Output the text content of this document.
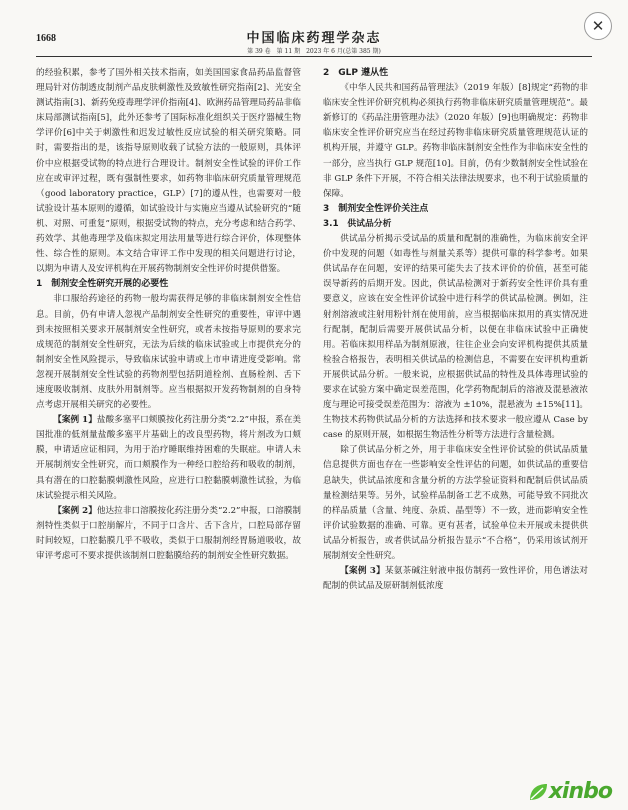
1668	中国临床药理学杂志
第 39 卷　第 11 期　2023 年 6 月(总第 385 期)

的经验积累，参考了国外相关技术指南，如美国国家食品药品监督管理局针对仿制透皮制剂产品皮肤刺激性及致敏性研究指南[2]、光安全测试指南[3]、新药免疫毒理学评价指南[4]、欧洲药品管理局药品非临床局部测试指南[5]，此外还参考了国际标准化组织关于医疗器械生物学评价[6]中关于刺激性和迟发过敏性反应试验的相关研究策略。同时，需要指出的是，该指导原则收载了试验方法的一般原则，具体评价中应根据受试物的特点进行合理设计。制剂安全性试验的评价工作应在或审评过程，既有强制性要求，如药物非临床研究质量管理规范（good laboratory practice，GLP）[7]的遵从性，也需要对一般试验设计基本原则的遵循，如试验设计与实施应当遵从试验研究的“随机、对照、可重复”原则，根据受试物的特点，充分考虑和结合药学、药效学、其他毒理学及临床拟定用法用量等进行综合评价，体现整体性、综合性的原则。本文结合审评工作中发现的相关问题进行讨论，以期为申请人及安评机构在开展药物制剂安全性评价时提供借鉴。

1　制剂安全性研究开展的必要性

非口服给药途径的药物一般均需获得足够的非临床制剂安全性信息。目前，仍有申请人忽视产品制剂安全性研究的重要性，审评中遇到未按照相关要求开展制剂安全性研究，或者未按指导原则的要求完成规范的制剂安全性研究，无法为后续的临床试验或上市提供充分的制剂安全性风险提示，导致临床试验申请或上市申请进度受影响。常忽视开展制剂安全性试验的药物剂型包括阴道栓剂、直肠栓剂、舌下速度吸收制剂、皮肤外用制剂等。应当根据拟开发药物制剂的自身特点考虑开展相关研究的必要性。

【案例 1】盐酸多塞平口颊膜按化药注册分类“2.2”申报，系在美国批准的低剂量盐酸多塞平片基础上的改良型药物，将片剂改为口颊膜，申请适应证相同，为用于治疗睡眠维持困难的失眠症。申请人未开展制剂安全性研究，而口颊膜作为一种经口腔给药和吸收的制剂，具有潜在的口腔黏膜刺激性风险，应进行口腔黏膜刺激性试验，为临床试验提示相关风险。

【案例 2】他达拉非口溶膜按化药注册分类“2.2”申报，口溶膜制剂特性类似于口腔崩解片，不同于口含片、舌下含片，口腔局部存留时间较短，口腔黏膜几乎不吸收，类似于口服制剂经胃肠道吸收，故审评考虑可不要求提供该制剂口腔黏膜给药的制剂安全性研究数据。

2　GLP 遵从性

《中华人民共和国药品管理法》（2019 年版）[8]规定“药物的非临床安全性评价研究机构必须执行药物非临床研究质量管理规范”。最新修订的《药品注册管理办法》（2020 年版）[9]也明确规定：药物非临床安全性评价研究应当在经过药物非临床研究质量管理规范认证的机构开展，并遵守 GLP。药物非临床制剂安全性作为非临床安全性的一部分，应当执行 GLP 规范[10]。目前，仍有少数制剂安全性试验在非 GLP 条件下开展，不符合相关法律法规要求，也不利于试验质量的保障。

3　制剂安全性评价关注点
3.1　供试品分析

供试品分析揭示受试品的质量和配制的准确性，为临床前安全评价中发现的问题（如毒性与剂量关系等）提供可靠的科学参考。如果供试品存在问题，安评的结果可能失去了技术评价的价值，甚至可能误导新药的后期开发。因此，供试品检测对于新药安全性评价具有重要意义，应该在安全性评价试验中进行科学的供试品检测。例如，注射剂溶液或注射用粉针剂在使用前，应当根据临床拟用的真实情况进行配制，配制后需要开展供试品分析，以便在非临床试验中正确使用。若临床拟用样品为制剂原液，往往企业会向安评机构提供其质量检验合格报告，表明相关供试品的检测信息，不需要在安评机构重新开展供试品分析。一般来说，应根据供试品的特性及具体毒理试验的要求在试验方案中确定误差范围，化学药物配制后的溶液及混悬液浓度与理论可接受误差范围为：溶液为 ±10%，混悬液为 ±15%[11]。生物技术药物供试品分析的方法选择和技术要求一般应遵从 Case by case 的原则开展，如根据生物活性分析等方法进行含量检测。

除了供试品分析之外，用于非临床安全性评价试验的供试品质量信息提供方面也存在一些影响安全性评估的问题，如供试品的重要信息缺失，供试品浓度和含量分析的方法学验证资料和配制后供试品质量检测结果等。另外，试验样品制备工艺不成熟，可能导致不同批次的样品质量（含量、纯度、杂质、晶型等）不一致，进而影响安全性评价试验数据的准确、可靠。更有甚者，试验单位未开展或未提供供试品分析报告，或者供试品分析报告显示“不合格”，仍采用该试剂开展制剂安全性研究。

【案例 3】某氨茶碱注射液申报仿制药一致性评价，用色谱法对配制的供试品及原研制剂低浓度

xinbo
✕
